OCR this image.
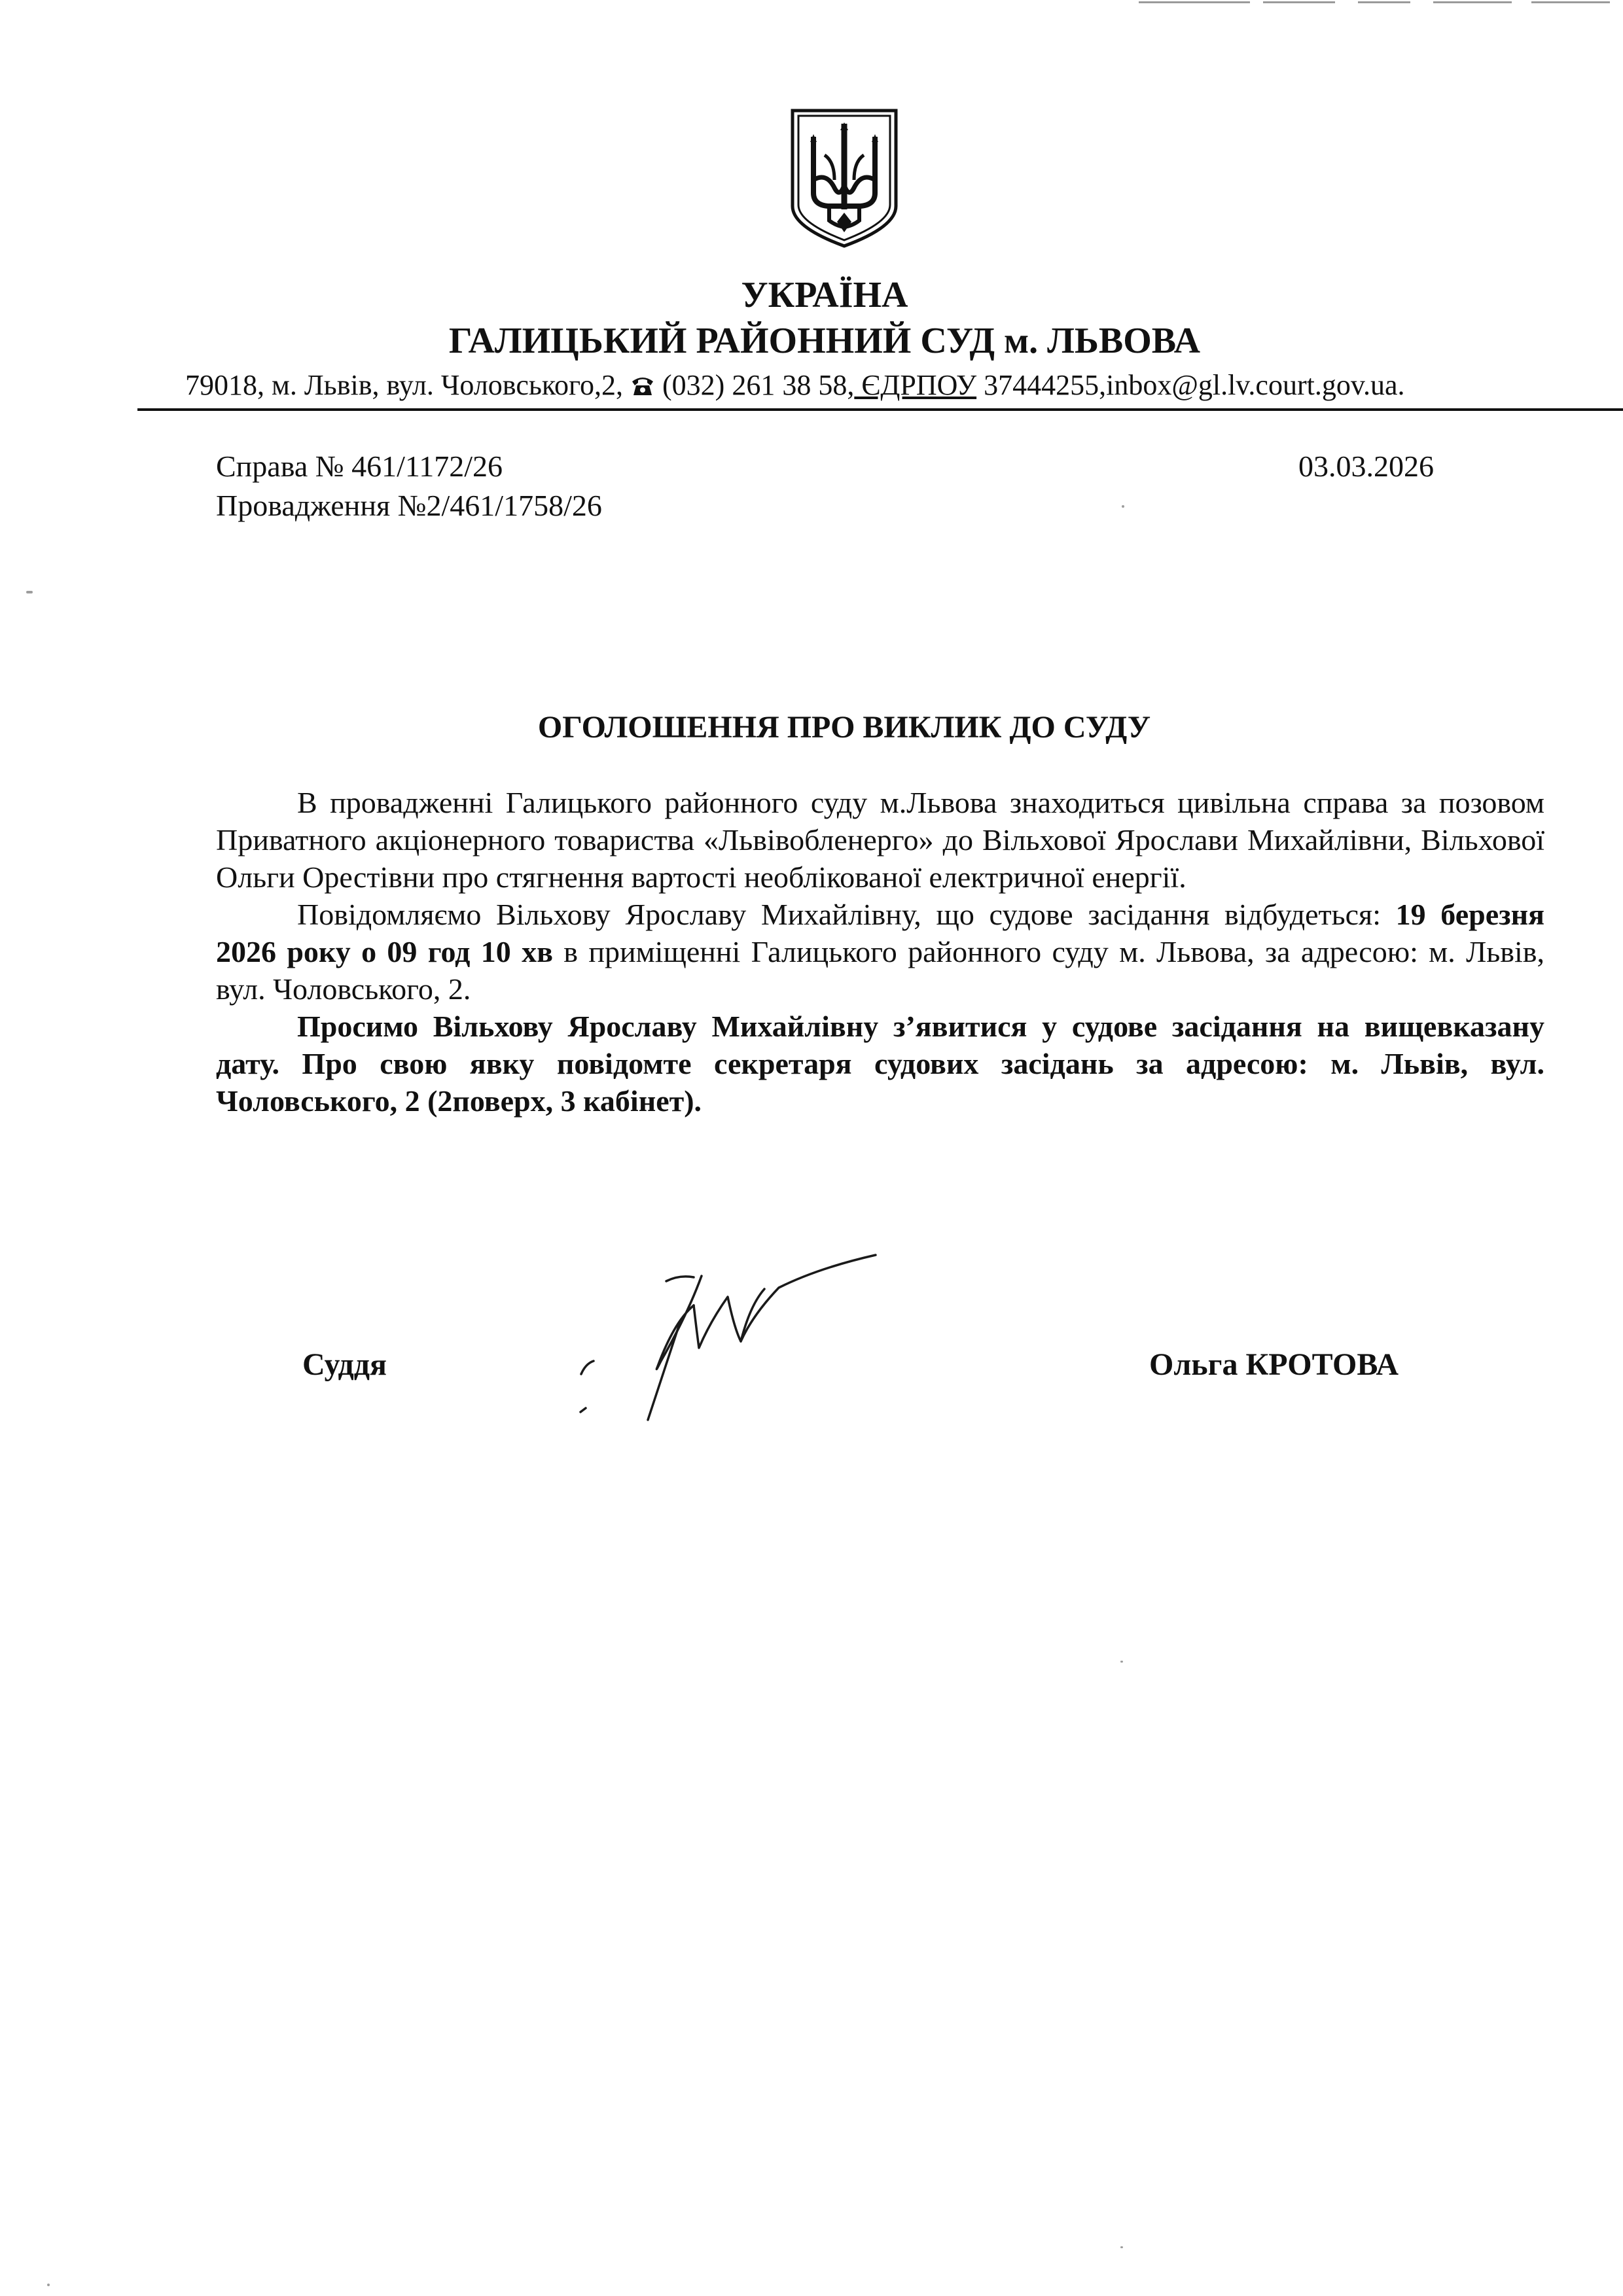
УКРАЇНА
ГАЛИЦЬКИЙ РАЙОННИЙ СУД м. ЛЬВОВА
79018, м. Львів, вул. Чоловського,2,  (032) 261 38 58, ЄДРПОУ 37444255,inbox@gl.lv.court.gov.ua.
Справа № 461/1172/26
Провадження №2/461/1758/26
03.03.2026
ОГОЛОШЕННЯ ПРО ВИКЛИК ДО СУДУ

В провадженні Галицького районного суду м.Львова знаходиться цивільна справа за позовом Приватного акціонерного товариства «Львівобленерго» до Вільхової Ярослави Михайлівни, Вільхової Ольги Орестівни про стягнення вартості необлікованої електричної енергії.

Повідомляємо Вільхову Ярославу Михайлівну, що судове засідання відбудеться: 19 березня 2026 року о 09 год 10 хв в приміщенні Галицького районного суду м. Львова, за адресою: м. Львів, вул. Чоловського, 2.

Просимо Вільхову Ярославу Михайлівну з’явитися у судове засідання на вищевказану дату. Про свою явку повідомте секретаря судових засідань за адресою: м. Львів, вул. Чоловського, 2 (2поверх, 3 кабінет).

Суддя	Ольга КРОТОВА
